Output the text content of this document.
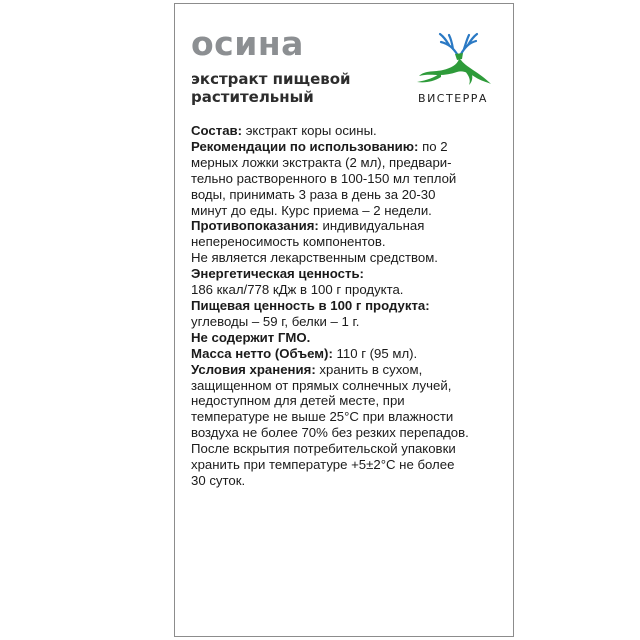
осина
экстракт пищевой
растительный	ВИСТЕРРА

Состав: экстракт коры осины.

Рекомендации по использованию: по 2
мерных ложки экстракта (2 мл), предвари-
тельно растворенного в 100-150 мл теплой
воды, принимать 3 раза в день за 20-30
минут до еды. Курс приема – 2 недели.

Противопоказания: индивидуальная
непереносимость компонентов.

Не является лекарственным средством.

Энергетическая ценность:
186 ккал/778 кДж в 100 г продукта.

Пищевая ценность в 100 г продукта:
углеводы – 59 г, белки – 1 г.

Не содержит ГМО.

Масса нетто (Объем): 110 г (95 мл).

Условия хранения: хранить в сухом,
защищенном от прямых солнечных лучей,
недоступном для детей месте, при
температуре не выше 25°С при влажности
воздуха не более 70% без резких перепадов.
После вскрытия потребительской упаковки
хранить при температуре +5±2°С не более
30 суток.
